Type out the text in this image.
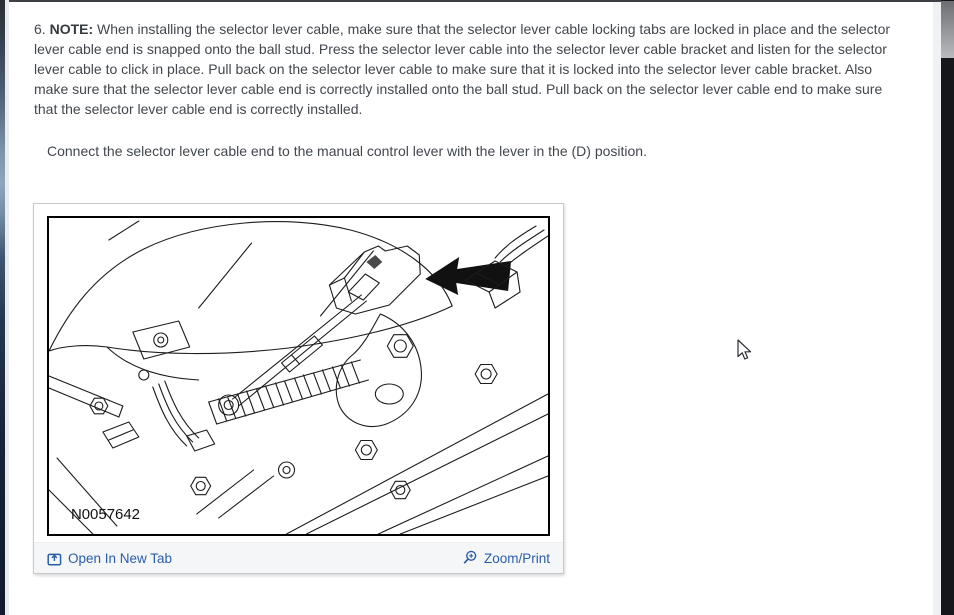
6. NOTE: When installing the selector lever cable, make sure that the selector lever cable locking tabs are locked in place and the selector lever cable end is snapped onto the ball stud. Press the selector lever cable into the selector lever cable bracket and listen for the selector lever cable to click in place. Pull back on the selector lever cable to make sure that it is locked into the selector lever cable bracket. Also make sure that the selector lever cable end is correctly installed onto the ball stud. Pull back on the selector lever cable end to make sure that the selector lever cable end is correctly installed.

Connect the selector lever cable end to the manual control lever with the lever in the (D) position.

N0057642
Open In New Tab	Zoom/Print
